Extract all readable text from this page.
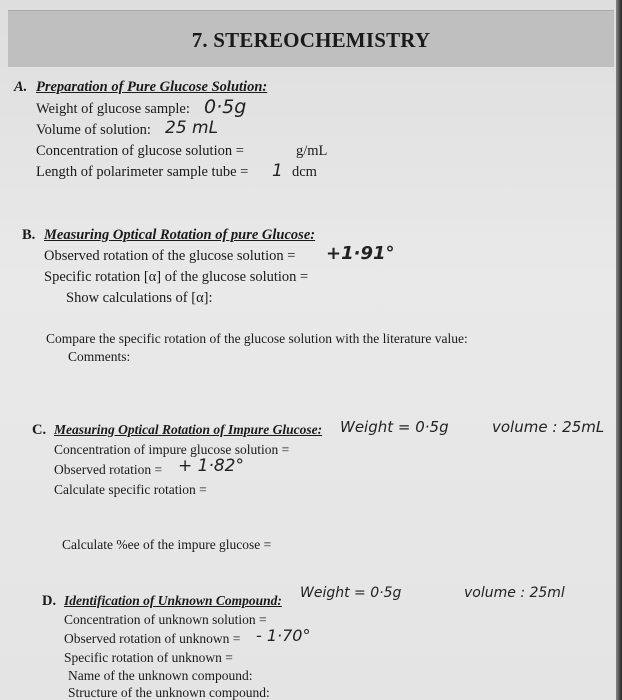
7. STEREOCHEMISTRY
A. Preparation of Pure Glucose Solution:
Weight of glucose sample: 0·5g
Volume of solution: 25 mL
Concentration of glucose solution =	g/mL
Length of polarimeter sample tube = 1 dcm
B. Measuring Optical Rotation of pure Glucose:
Observed rotation of the glucose solution = +1·91°
Specific rotation [α] of the glucose solution =
Show calculations of [α]:
Compare the specific rotation of the glucose solution with the literature value:
Comments:
C. Measuring Optical Rotation of Impure Glucose: Weight = 0·5g	volume : 25mL
Concentration of impure glucose solution =
Observed rotation = + 1·82°
Calculate specific rotation =
Calculate %ee of the impure glucose =
D. Identification of Unknown Compound: Weight = 0·5g	volume : 25ml
Concentration of unknown solution =
Observed rotation of unknown = - 1·70°
Specific rotation of unknown =
Name of the unknown compound:
Structure of the unknown compound:
